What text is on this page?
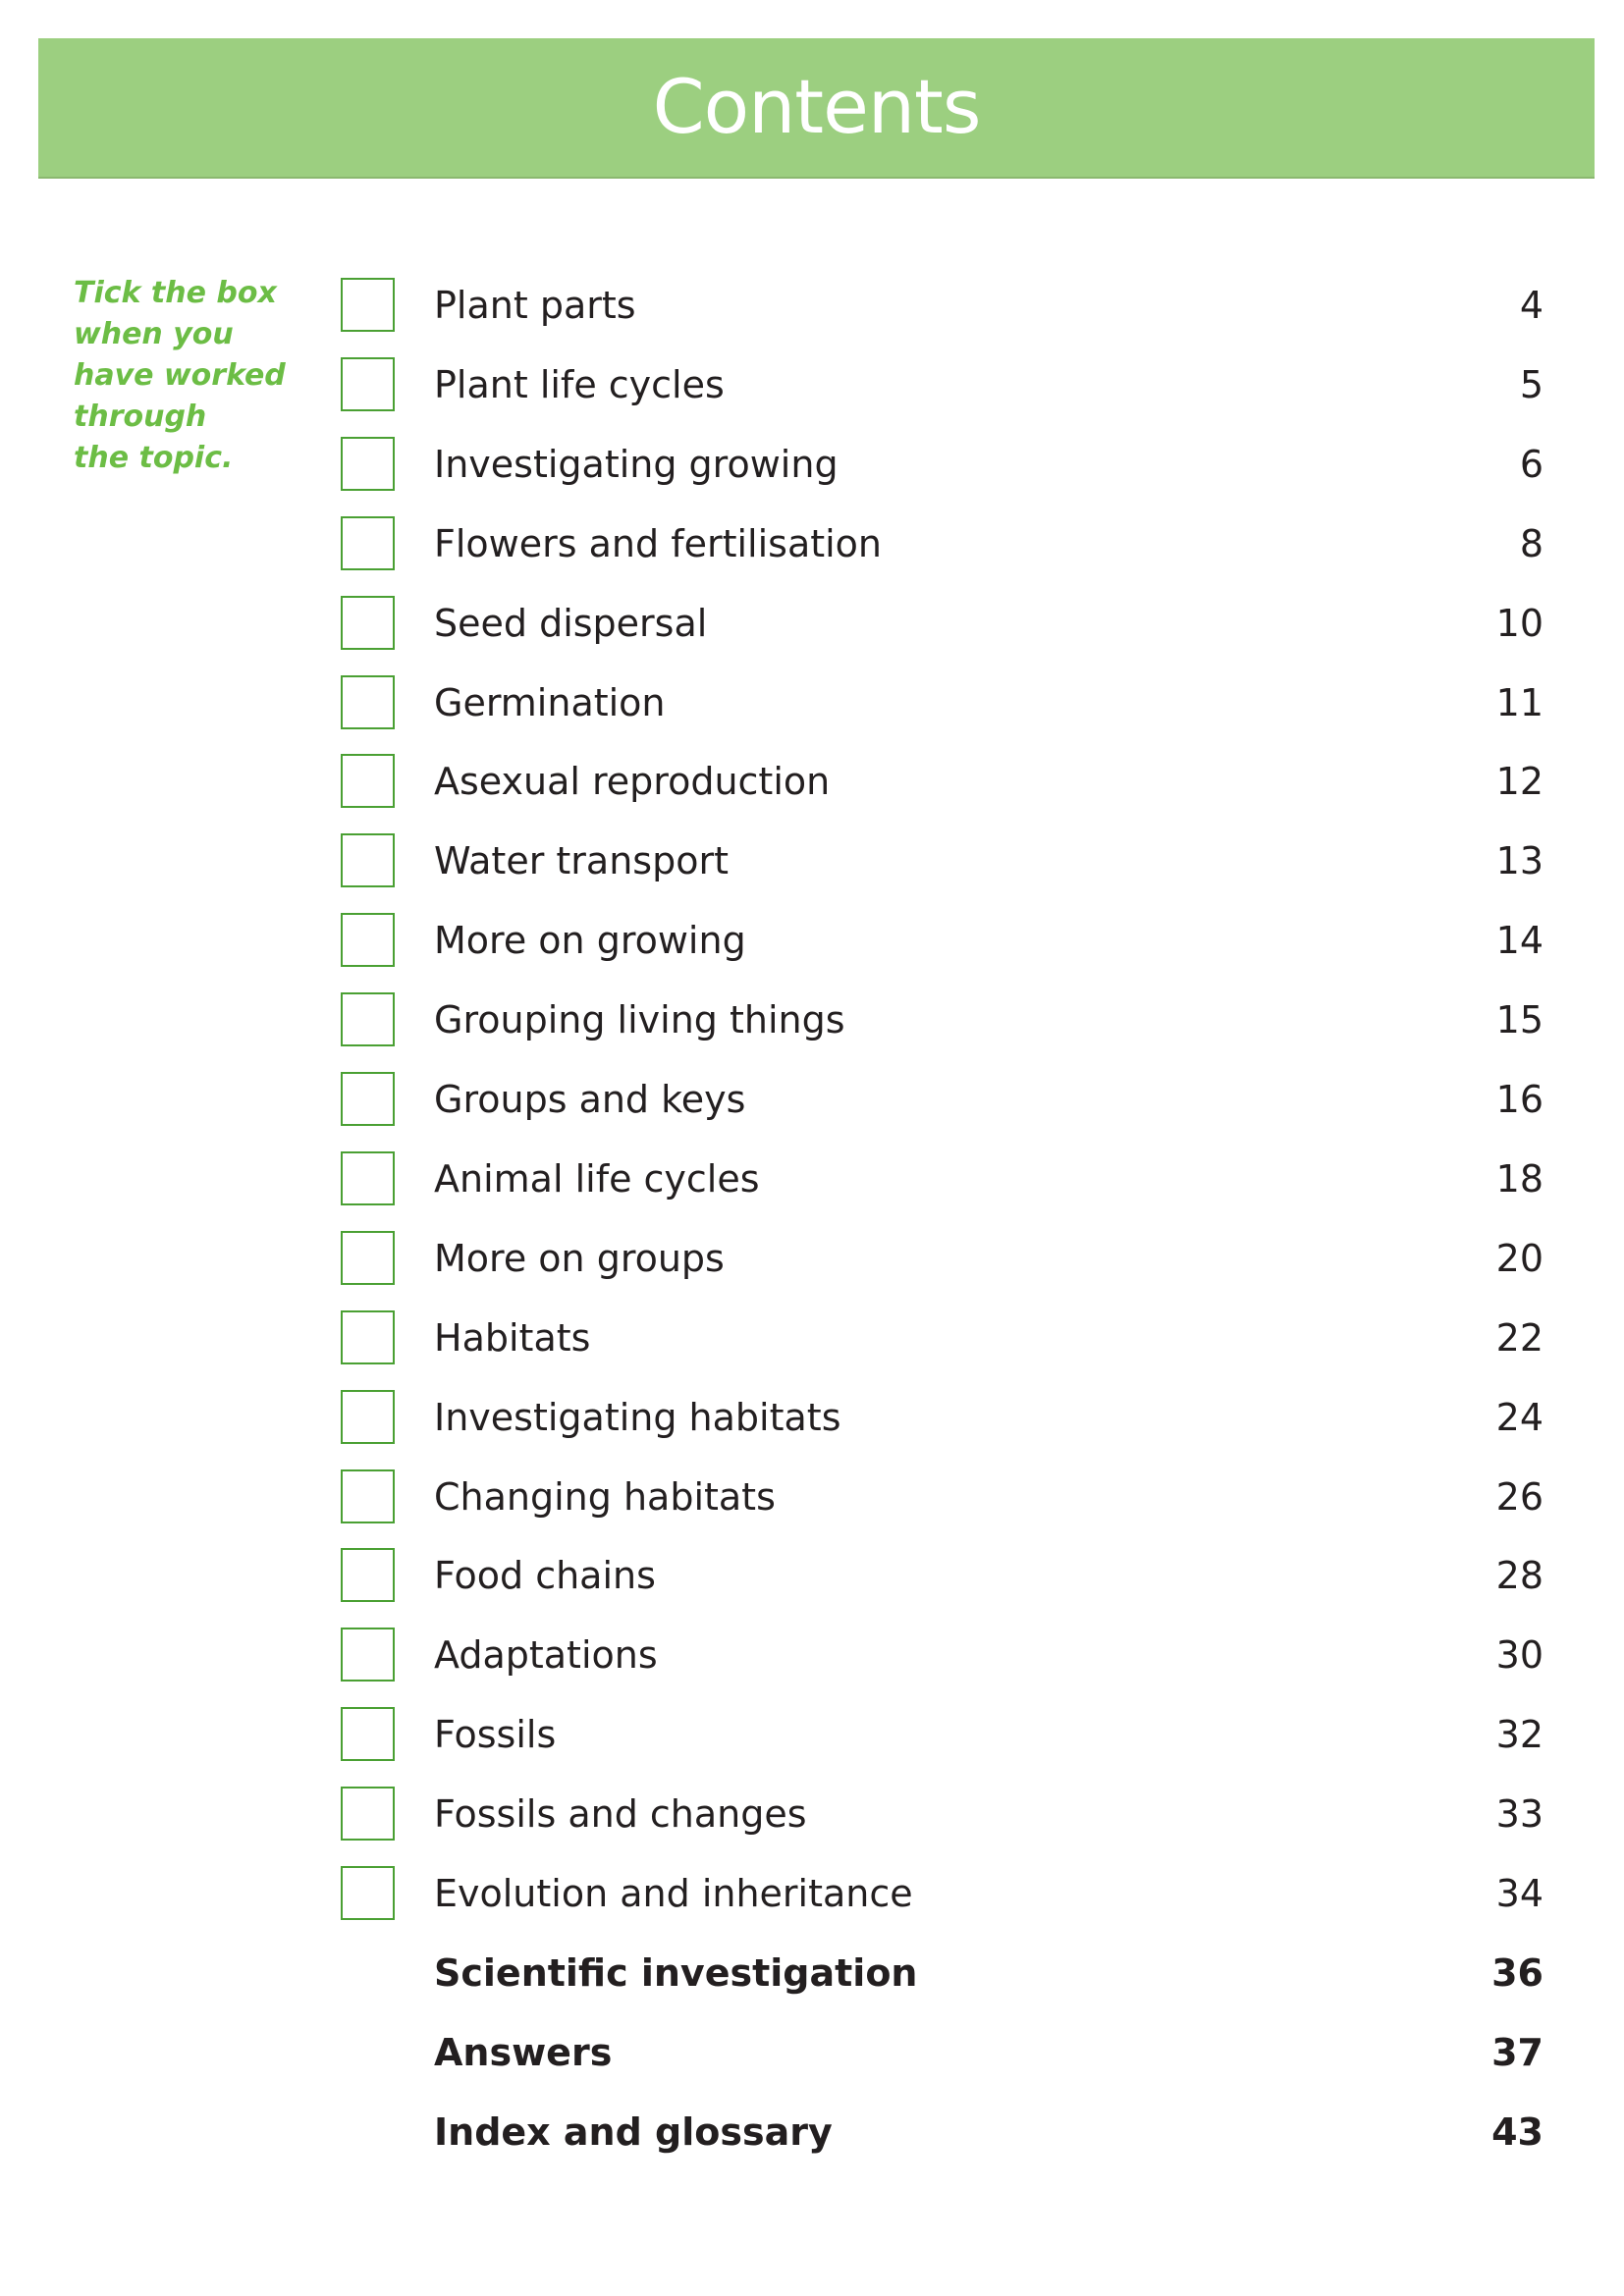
Contents
Tick the box
when you
have worked
through
the topic.
Plant parts	4
Plant life cycles	5
Investigating growing	6
Flowers and fertilisation	8
Seed dispersal	10
Germination	11
Asexual reproduction	12
Water transport	13
More on growing	14
Grouping living things	15
Groups and keys	16
Animal life cycles	18
More on groups	20
Habitats	22
Investigating habitats	24
Changing habitats	26
Food chains	28
Adaptations	30
Fossils	32
Fossils and changes	33
Evolution and inheritance	34
Scientific investigation	36
Answers	37
Index and glossary	43
